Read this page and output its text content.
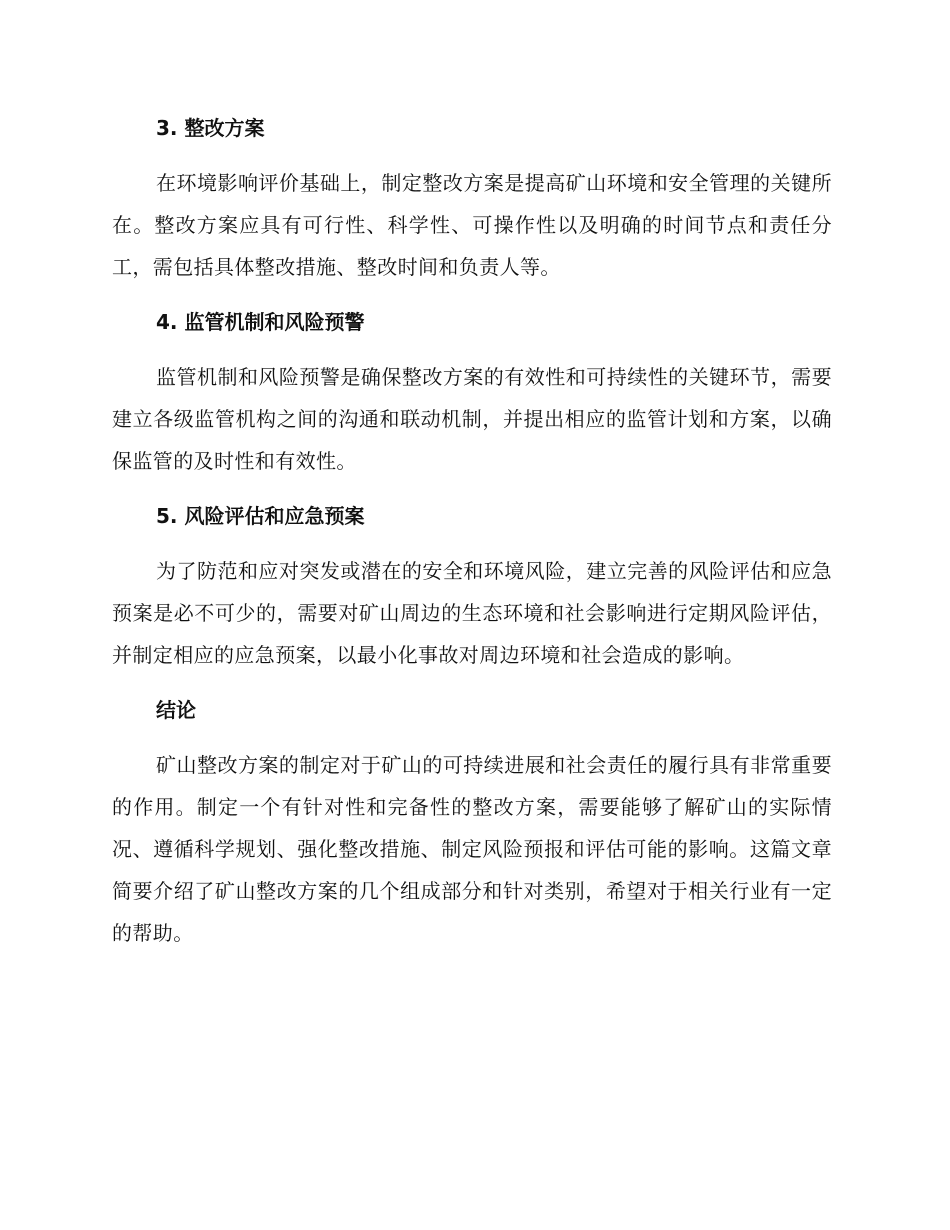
3. 整改方案

在环境影响评价基础上，制定整改方案是提高矿山环境和安全管理的关键所在。整改方案应具有可行性、科学性、可操作性以及明确的时间节点和责任分工，需包括具体整改措施、整改时间和负责人等。

4. 监管机制和风险预警

监管机制和风险预警是确保整改方案的有效性和可持续性的关键环节，需要建立各级监管机构之间的沟通和联动机制，并提出相应的监管计划和方案，以确保监管的及时性和有效性。

5. 风险评估和应急预案

为了防范和应对突发或潜在的安全和环境风险，建立完善的风险评估和应急预案是必不可少的，需要对矿山周边的生态环境和社会影响进行定期风险评估，并制定相应的应急预案，以最小化事故对周边环境和社会造成的影响。

结论

矿山整改方案的制定对于矿山的可持续进展和社会责任的履行具有非常重要的作用。制定一个有针对性和完备性的整改方案，需要能够了解矿山的实际情况、遵循科学规划、强化整改措施、制定风险预报和评估可能的影响。这篇文章简要介绍了矿山整改方案的几个组成部分和针对类别，希望对于相关行业有一定的帮助。
